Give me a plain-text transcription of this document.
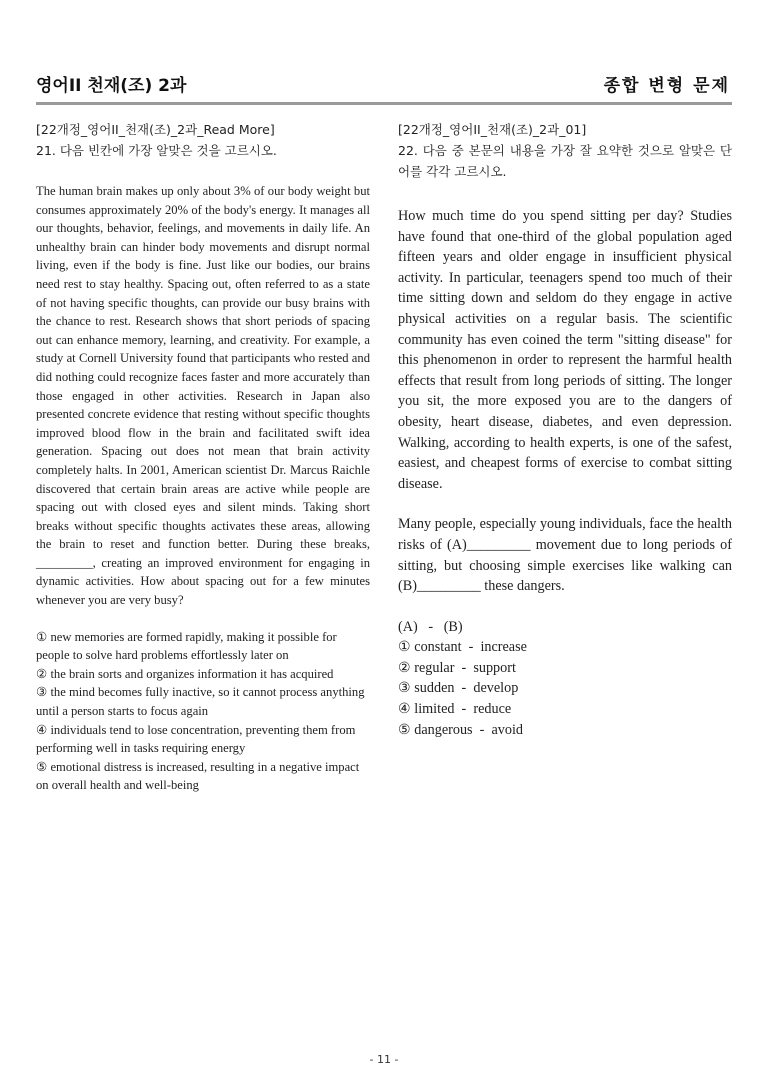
영어II 천재(조) 2과	종합 변형 문제
[22개정_영어II_천재(조)_2과_Read More]
21. 다음 빈칸에 가장 알맞은 것을 고르시오.
The human brain makes up only about 3% of our body weight but consumes approximately 20% of the body's energy. It manages all our thoughts, behavior, feelings, and movements in daily life. An unhealthy brain can hinder body movements and disrupt normal living, even if the body is fine. Just like our bodies, our brains need rest to stay healthy. Spacing out, often referred to as a state of not having specific thoughts, can provide our busy brains with the chance to rest. Research shows that short periods of spacing out can enhance memory, learning, and creativity. For example, a study at Cornell University found that participants who rested and did nothing could recognize faces faster and more accurately than those engaged in other activities. Research in Japan also presented concrete evidence that resting without specific thoughts improved blood flow in the brain and facilitated swift idea generation. Spacing out does not mean that brain activity completely halts. In 2001, American scientist Dr. Marcus Raichle discovered that certain brain areas are active while people are spacing out with closed eyes and silent minds. Taking short breaks without specific thoughts activates these areas, allowing the brain to reset and function better. During these breaks, _________, creating an improved environment for engaging in dynamic activities. How about spacing out for a few minutes whenever you are very busy?
① new memories are formed rapidly, making it possible for people to solve hard problems effortlessly later on
② the brain sorts and organizes information it has acquired
③ the mind becomes fully inactive, so it cannot process anything until a person starts to focus again
④ individuals tend to lose concentration, preventing them from performing well in tasks requiring energy
⑤ emotional distress is increased, resulting in a negative impact on overall health and well-being
[22개정_영어II_천재(조)_2과_01]
22. 다음 중 본문의 내용을 가장 잘 요약한 것으로 알맞은 단어를 각각 고르시오.
How much time do you spend sitting per day? Studies have found that one-third of the global population aged fifteen years and older engage in insufficient physical activity. In particular, teenagers spend too much of their time sitting down and seldom do they engage in active physical activities on a regular basis. The scientific community has even coined the term "sitting disease" for this phenomenon in order to represent the harmful health effects that result from long periods of sitting. The longer you sit, the more exposed you are to the dangers of obesity, heart disease, diabetes, and even depression. Walking, according to health experts, is one of the safest, easiest, and cheapest forms of exercise to combat sitting disease.
Many people, especially young individuals, face the health risks of (A)_________ movement due to long periods of sitting, but choosing simple exercises like walking can (B)_________ these dangers.
(A)   -   (B)
① constant  -  increase
② regular  -  support
③ sudden  -  develop
④ limited  -  reduce
⑤ dangerous  -  avoid
- 11 -
